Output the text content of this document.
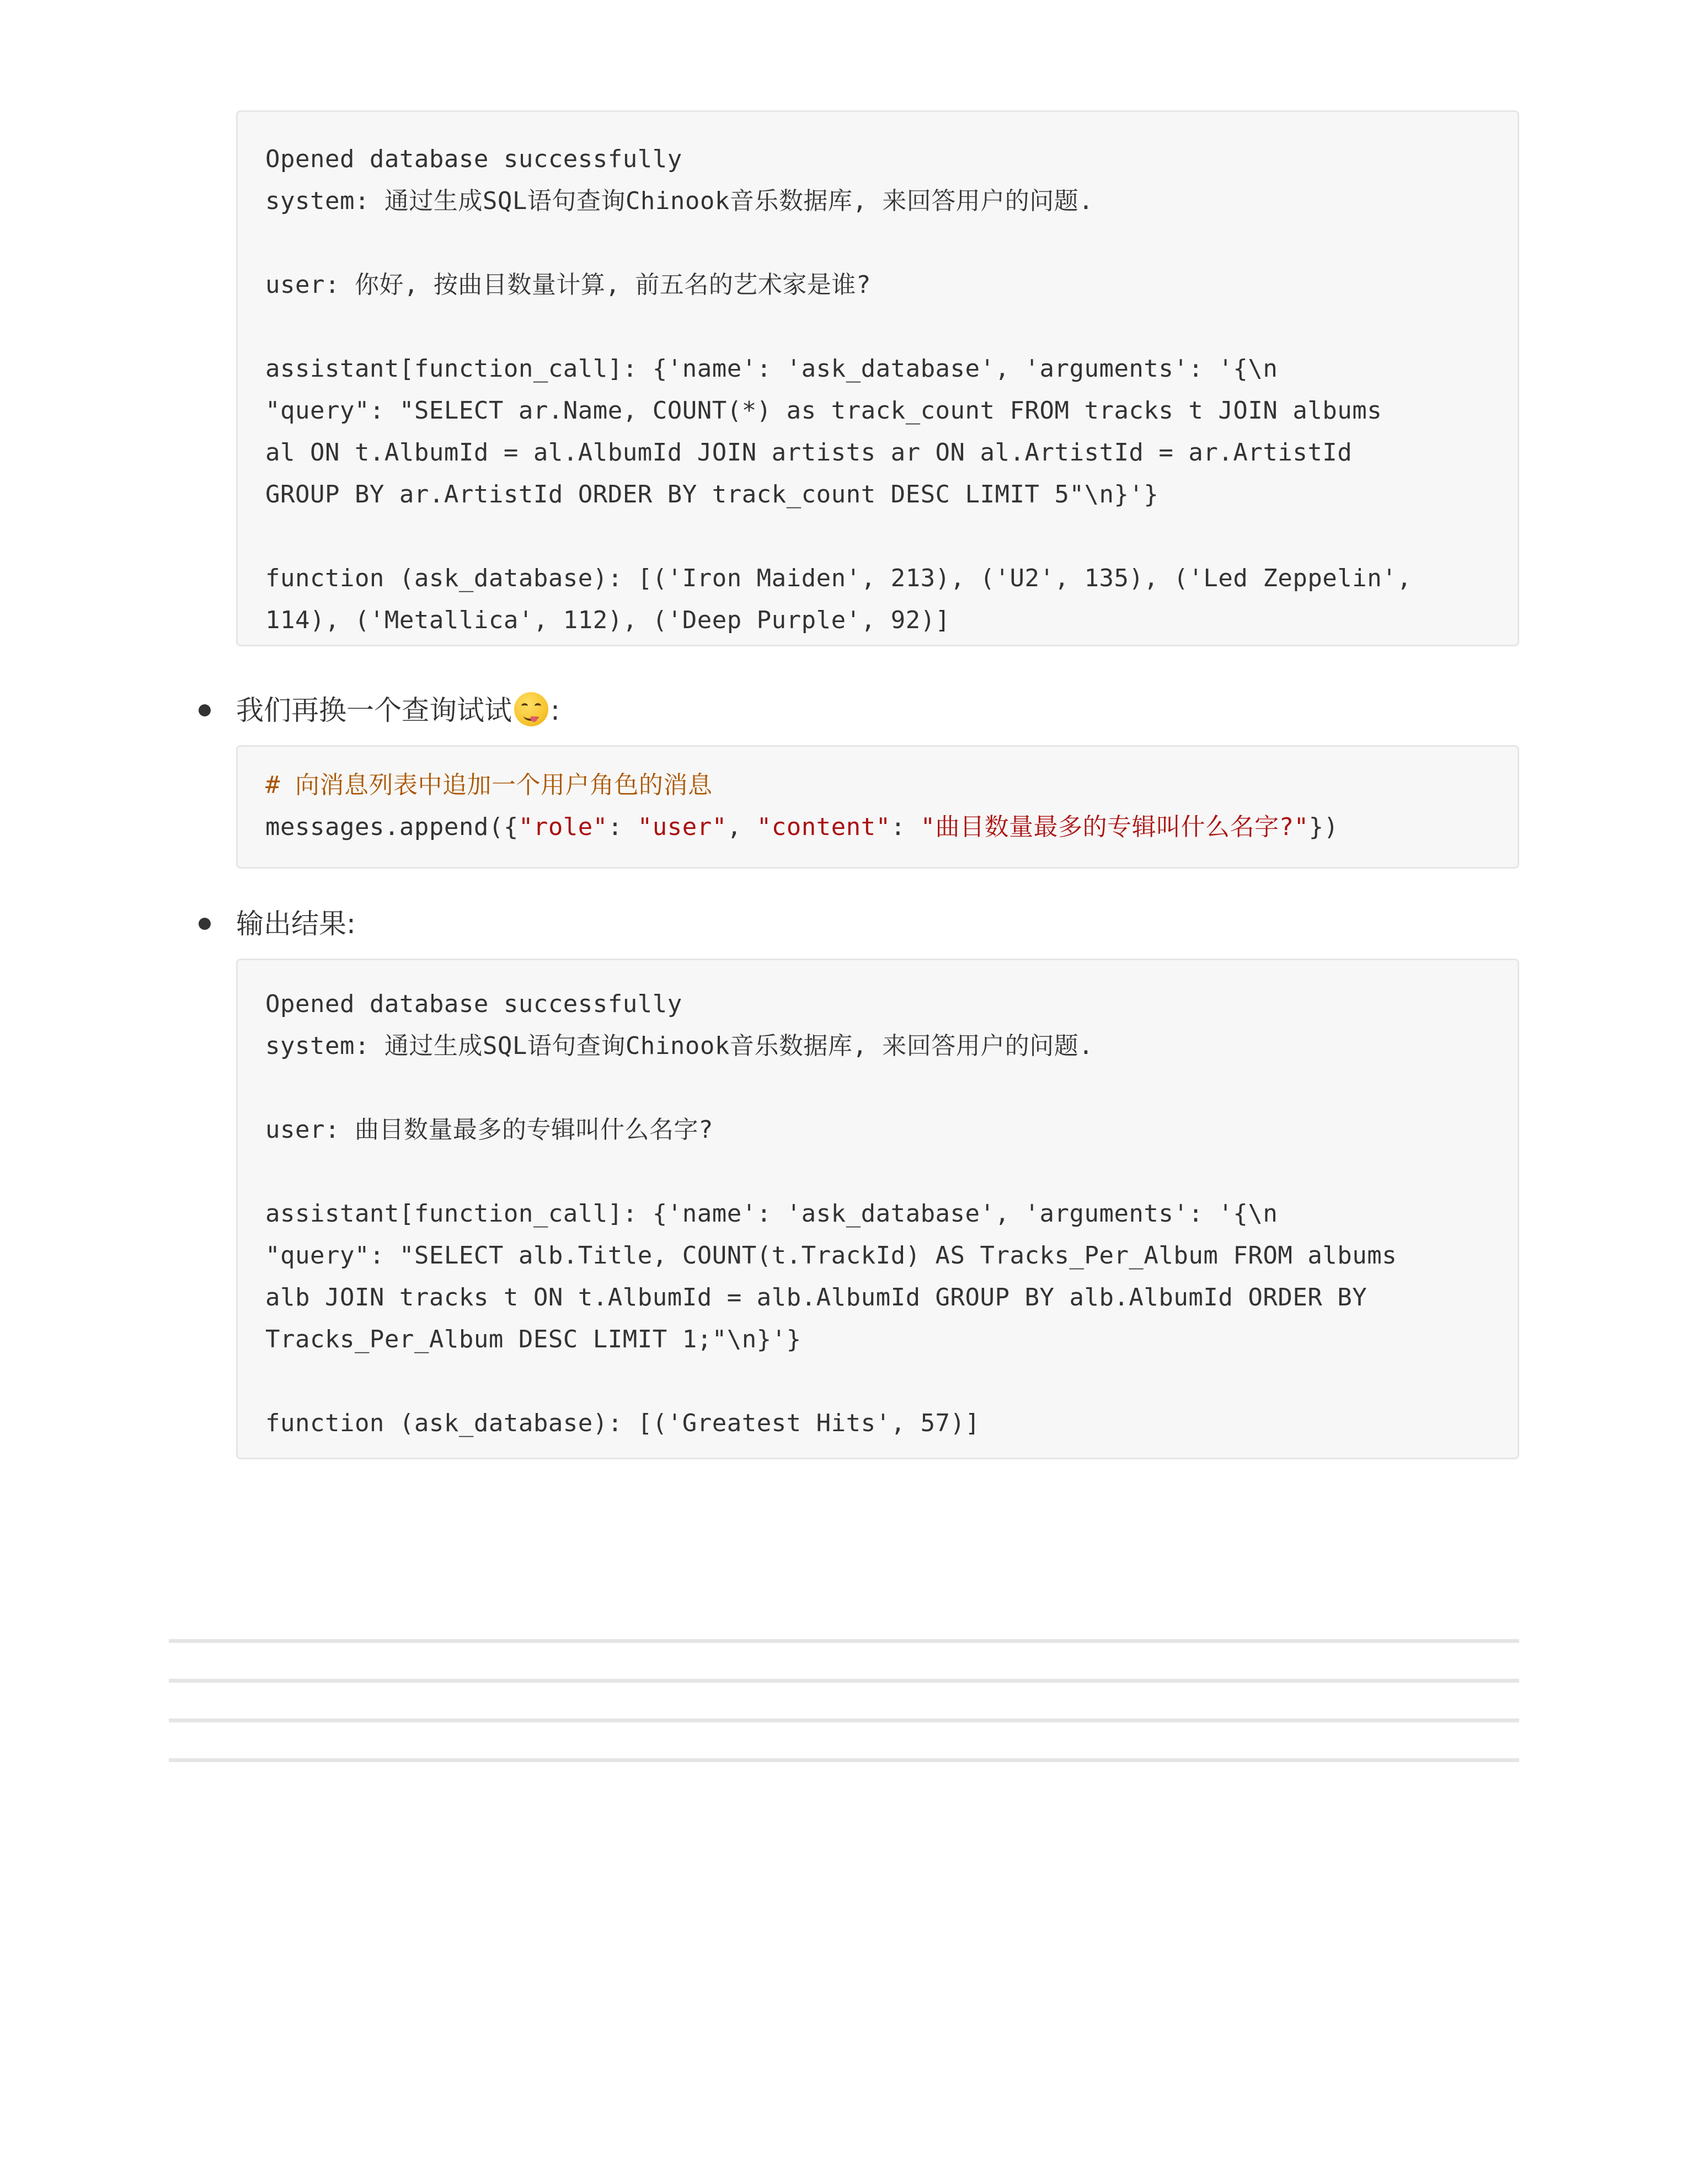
Opened database successfully
system: 通过生成SQL语句查询Chinook音乐数据库, 来回答用户的问题.
user: 你好, 按曲目数量计算, 前五名的艺术家是谁?
assistant[function_call]: {'name': 'ask_database', 'arguments': '{\n
"query": "SELECT ar.Name, COUNT(*) as track_count FROM tracks t JOIN albums
al ON t.AlbumId = al.AlbumId JOIN artists ar ON al.ArtistId = ar.ArtistId
GROUP BY ar.ArtistId ORDER BY track_count DESC LIMIT 5"\n}'}
function (ask_database): [('Iron Maiden', 213), ('U2', 135), ('Led Zeppelin',
114), ('Metallica', 112), ('Deep Purple', 92)]
我们再换一个查询试试 :
# 向消息列表中追加一个用户角色的消息
messages.append({"role": "user", "content": "曲目数量最多的专辑叫什么名字?"})
输出结果:
Opened database successfully
system: 通过生成SQL语句查询Chinook音乐数据库, 来回答用户的问题.
user: 曲目数量最多的专辑叫什么名字?
assistant[function_call]: {'name': 'ask_database', 'arguments': '{\n
"query": "SELECT alb.Title, COUNT(t.TrackId) AS Tracks_Per_Album FROM albums
alb JOIN tracks t ON t.AlbumId = alb.AlbumId GROUP BY alb.AlbumId ORDER BY
Tracks_Per_Album DESC LIMIT 1;"\n}'}
function (ask_database): [('Greatest Hits', 57)]
